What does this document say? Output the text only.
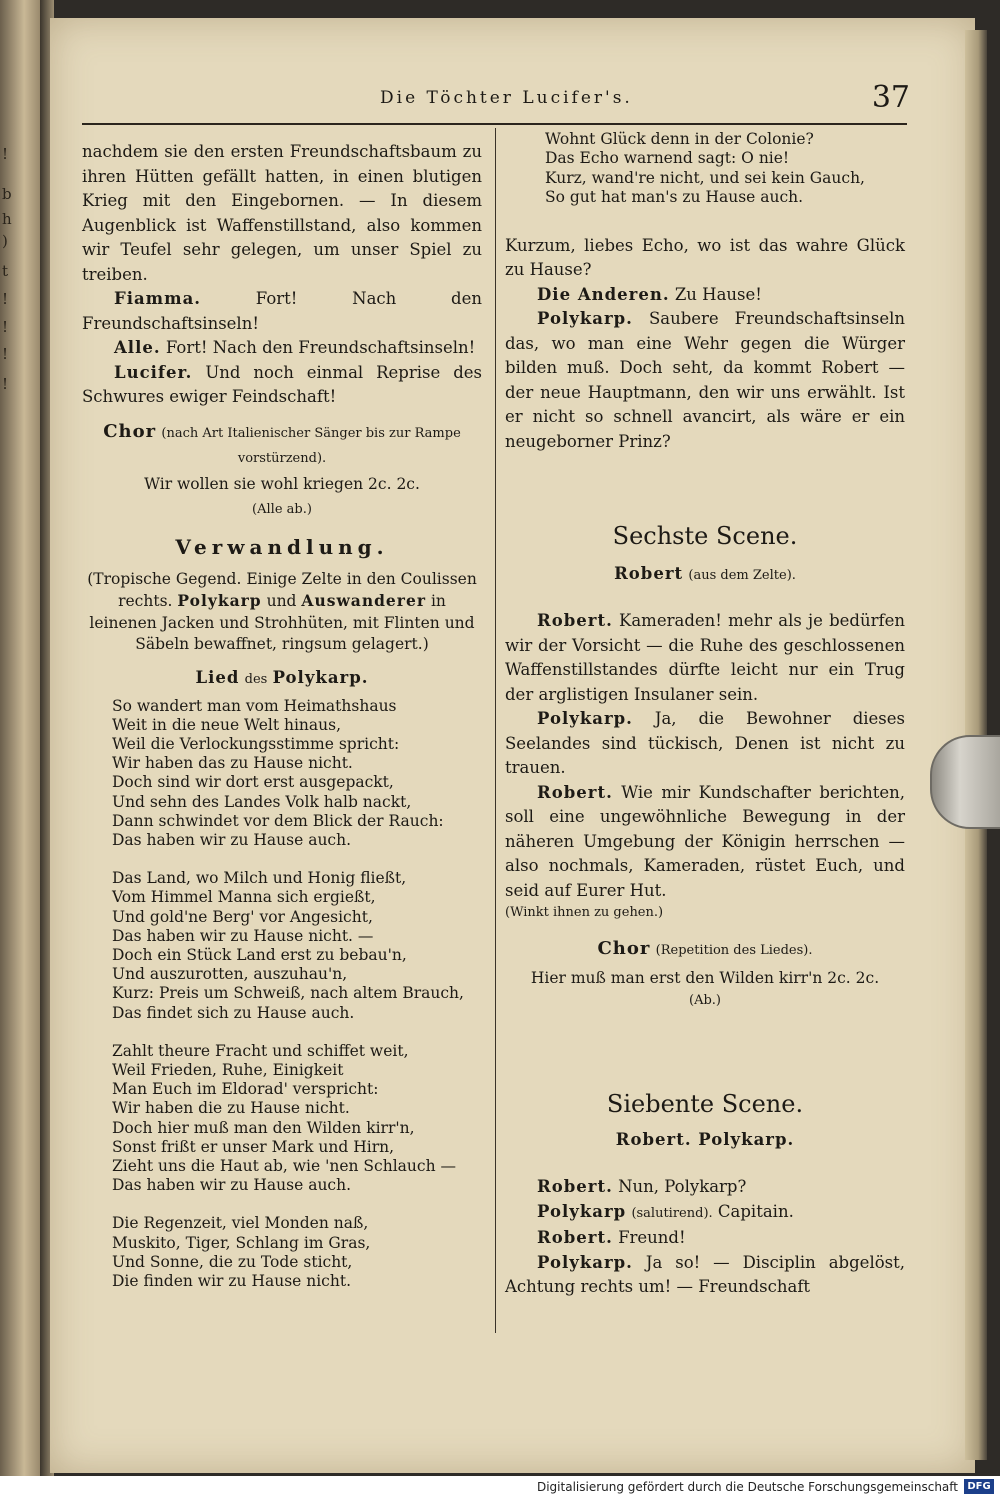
!
b
h
)
t
!
!
!
!
Die Töchter Lucifer's.	37

nachdem sie den ersten Freundschaftsbaum zu ihren Hütten gefällt hatten, in einen blutigen Krieg mit den Eingebornen. — In diesem Augenblick ist Waffenstillstand, also kommen wir Teufel sehr gelegen, um unser Spiel zu treiben.

Fiamma.	Fort! Nach den Freundschaftsinseln!

Alle. Fort! Nach den Freundschaftsinseln!

Lucifer. Und noch einmal Reprise des Schwures ewiger Feindschaft!

Chor (nach Art Italienischer Sänger bis zur Rampe vorstürzend).

Wir wollen sie wohl kriegen 2c. 2c.

(Alle ab.)

Verwandlung.

(Tropische Gegend. Einige Zelte in den Coulissen rechts. Polykarp und Auswanderer in leinenen Jacken und Strohhüten, mit Flinten und Säbeln bewaffnet, ringsum gelagert.)

Lied des Polykarp.

So wandert man vom Heimathshaus

Weit in die neue Welt hinaus,

Weil die Verlockungsstimme spricht:

Wir haben das zu Hause nicht.

Doch sind wir dort erst ausgepackt,

Und sehn des Landes Volk halb nackt,

Dann schwindet vor dem Blick der Rauch:

Das haben wir zu Hause auch.

Das Land, wo Milch und Honig fließt,

Vom Himmel Manna sich ergießt,

Und gold'ne Berg' vor Angesicht,

Das haben wir zu Hause nicht. —

Doch ein Stück Land erst zu bebau'n,

Und auszurotten, auszuhau'n,

Kurz: Preis um Schweiß, nach altem Brauch,

Das findet sich zu Hause auch.

Zahlt theure Fracht und schiffet weit,

Weil Frieden, Ruhe, Einigkeit

Man Euch im Eldorad' verspricht:

Wir haben die zu Hause nicht.

Doch hier muß man den Wilden kirr'n,

Sonst frißt er unser Mark und Hirn,

Zieht uns die Haut ab, wie 'nen Schlauch —

Das haben wir zu Hause auch.

Die Regenzeit, viel Monden naß,

Muskito, Tiger, Schlang im Gras,

Und Sonne, die zu Tode sticht,

Die finden wir zu Hause nicht.

Wohnt Glück denn in der Colonie?

Das Echo warnend sagt: O nie!

Kurz, wand're nicht, und sei kein Gauch,

So gut hat man's zu Hause auch.

Kurzum, liebes Echo, wo ist das wahre Glück zu Hause?

Die Anderen. Zu Hause!

Polykarp. Saubere Freundschaftsinseln das, wo man eine Wehr gegen die Würger bilden muß. Doch seht, da kommt Robert — der neue Hauptmann, den wir uns erwählt. Ist er nicht so schnell avancirt, als wäre er ein neugeborner Prinz?

Sechste Scene.

Robert (aus dem Zelte).

Robert. Kameraden! mehr als je bedürfen wir der Vorsicht — die Ruhe des geschlossenen Waffenstillstandes dürfte leicht nur ein Trug der arglistigen Insulaner sein.

Polykarp. Ja, die Bewohner dieses Seelandes sind tückisch, Denen ist nicht zu trauen.

Robert. Wie mir Kundschafter berichten, soll eine ungewöhnliche Bewegung in der näheren Umgebung der Königin herrschen — also nochmals, Kameraden, rüstet Euch, und seid auf Eurer Hut.

(Winkt ihnen zu gehen.)

Chor (Repetition des Liedes).

Hier muß man erst den Wilden kirr'n 2c. 2c.

(Ab.)

Siebente Scene.

Robert. Polykarp.

Robert. Nun, Polykarp?

Polykarp (salutirend). Capitain.

Robert. Freund!

Polykarp. Ja so! — Disciplin abgelöst, Achtung rechts um! — Freundschaft

Digitalisierung gefördert durch die Deutsche Forschungsgemeinschaft DFG
